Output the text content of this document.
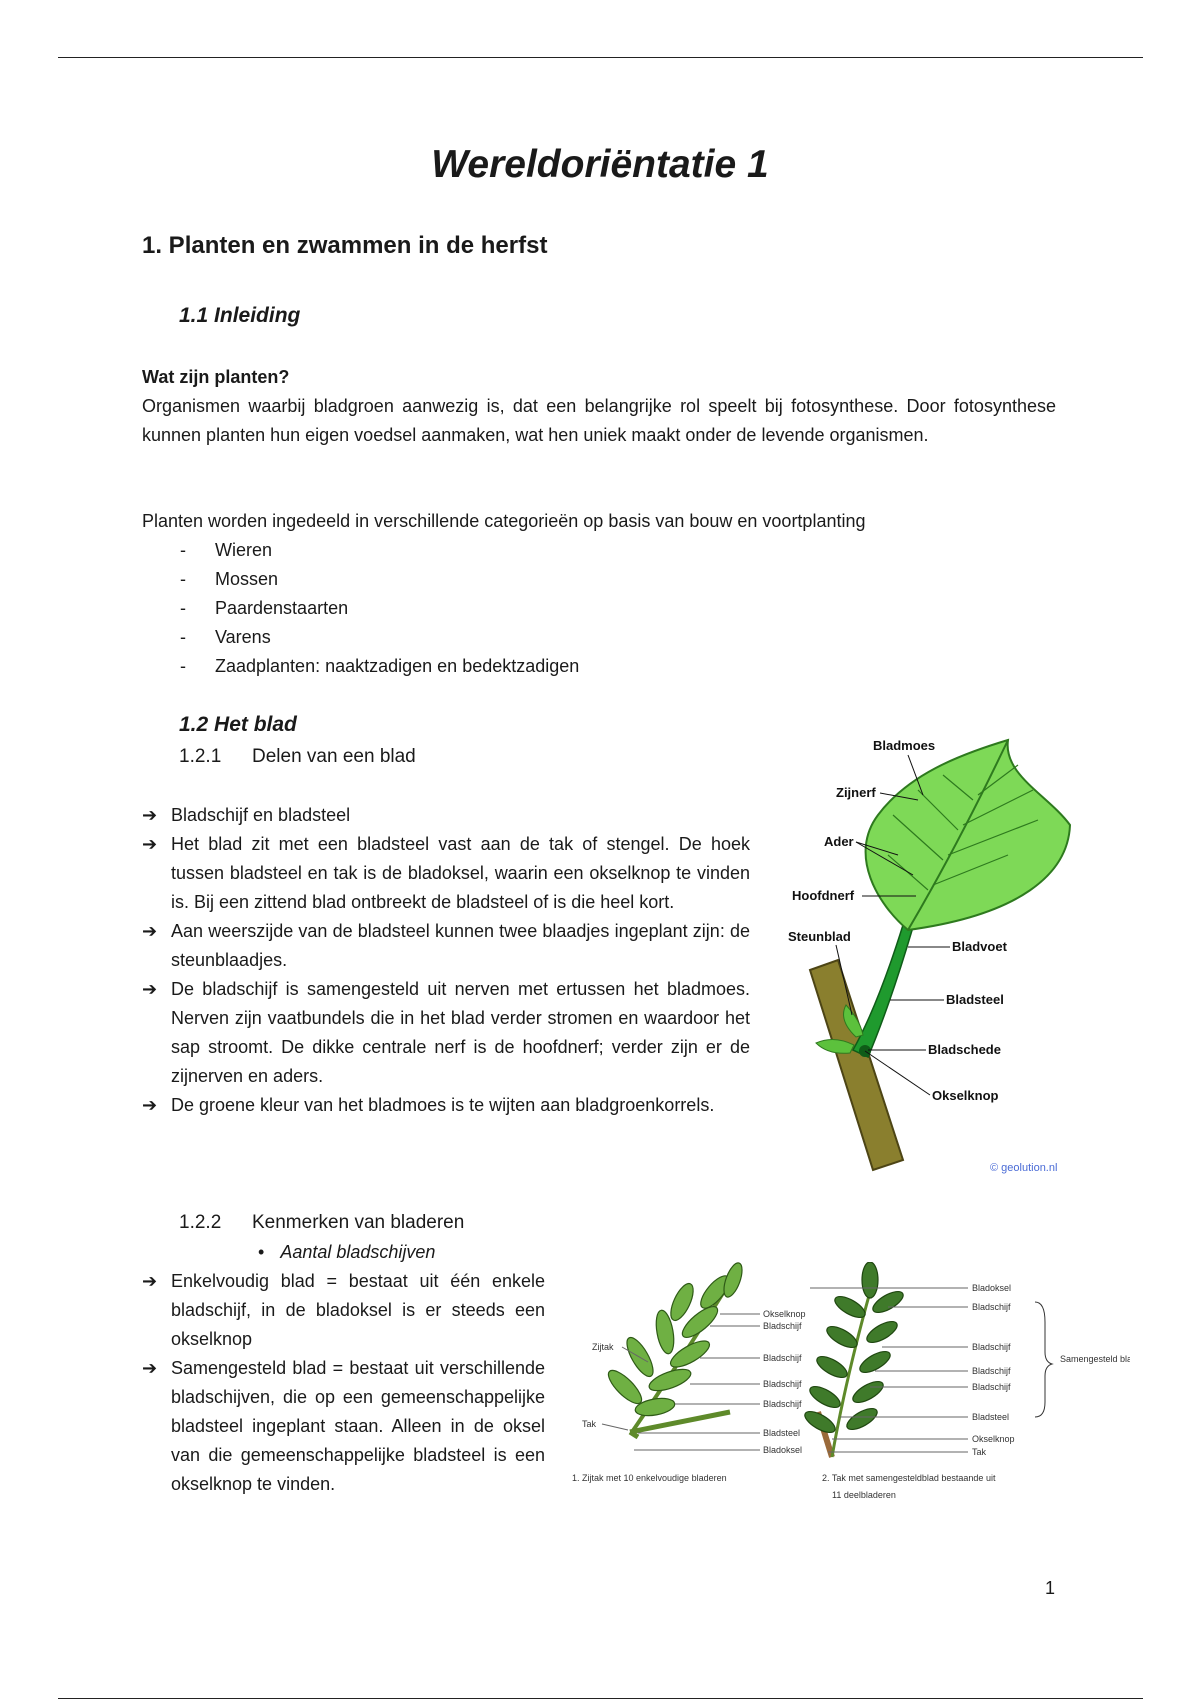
Wereldoriëntatie 1
1. Planten en zwammen in de herfst
1.1 Inleiding
Wat zijn planten?
Organismen waarbij bladgroen aanwezig is, dat een belangrijke rol speelt bij fotosynthese. Door fotosynthese kunnen planten hun eigen voedsel aanmaken, wat hen uniek maakt onder de levende organismen.
Planten worden ingedeeld in verschillende categorieën op basis van bouw en voortplanting
- Wieren
- Mossen
- Paardenstaarten
- Varens
- Zaadplanten: naaktzadigen en bedektzadigen
1.2 Het blad
1.2.1 Delen van een blad
➔ Bladschijf en bladsteel
➔ Het blad zit met een bladsteel vast aan de tak of stengel. De hoek tussen bladsteel en tak is de bladoksel, waarin een okselknop te vinden is. Bij een zittend blad ontbreekt de bladsteel of is die heel kort.
➔ Aan weerszijde van de bladsteel kunnen twee blaadjes ingeplant zijn: de steunblaadjes.
➔ De bladschijf is samengesteld uit nerven met ertussen het bladmoes. Nerven zijn vaatbundels die in het blad verder stromen en waardoor het sap stroomt. De dikke centrale nerf is de hoofdnerf; verder zijn er de zijnerven en aders.
➔ De groene kleur van het bladmoes is te wijten aan bladgroenkorrels.
Bladmoes
Zijnerf
Ader
Hoofdnerf
Steunblad
Bladvoet
Bladsteel
Bladschede
Okselknop
© geolution.nl
1.2.2 Kenmerken van bladeren
• Aantal bladschijven
➔ Enkelvoudig blad = bestaat uit één enkele bladschijf, in de bladoksel is er steeds een okselknop
➔ Samengesteld blad = bestaat uit verschillende bladschijven, die op een gemeenschappelijke bladsteel ingeplant staan. Alleen in de oksel van die gemeenschappelijke bladsteel is een okselknop te vinden.
Zijtak
Tak
Okselknop
Bladschijf
Bladschijf
Bladschijf
Bladschijf
Bladsteel
Bladoksel
1. Zijtak met 10 enkelvoudige bladeren
Bladoksel
Bladschijf
Bladschijf
Bladschijf
Bladschijf
Bladsteel
Okselknop
Tak
Samengesteld blad
2. Tak met samengesteldblad bestaande uit
11 deelbladeren
1
